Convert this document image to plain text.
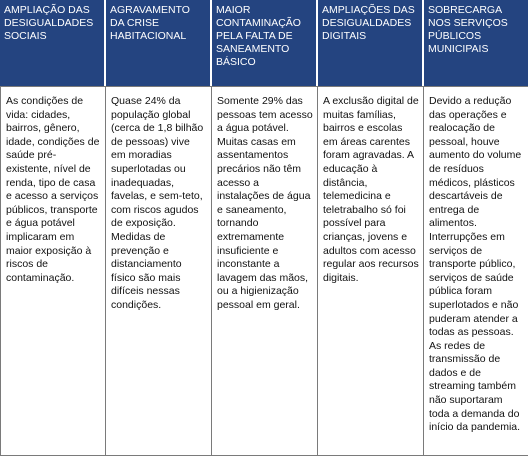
AMPLIAÇÃO DAS DESIGUALDADES SOCIAIS
AGRAVAMENTO DA CRISE HABITACIONAL
MAIOR CONTAMINAÇÃO PELA FALTA DE SANEAMENTO BÁSICO
AMPLIAÇÕES DAS DESIGUALDADES DIGITAIS
SOBRECARGA NOS SERVIÇOS PÚBLICOS MUNICIPAIS
As condições de vida: cidades, bairros, gênero, idade, condições de saúde pré-existente, nível de renda, tipo de casa e acesso a serviços públicos, transporte e água potável implicaram em maior exposição à riscos de contaminação.
Quase 24% da população global (cerca de 1,8 bilhão de pessoas) vive em moradias superlotadas ou inadequadas, favelas, e sem-teto, com riscos agudos de exposição. Medidas de prevenção e distanciamento físico são mais difíceis nessas condições.
Somente 29% das pessoas tem acesso a água potável. Muitas casas em assentamentos precários não têm acesso a instalações de água e saneamento, tornando extremamente insuficiente e inconstante a lavagem das mãos, ou a higienização pessoal em geral.
A exclusão digital de muitas famílias, bairros e escolas em áreas carentes foram agravadas. A educação à distância, telemedicina e teletrabalho só foi possível para crianças, jovens e adultos com acesso regular aos recursos digitais.
Devido a redução das operações e realocação de pessoal, houve aumento do volume de resíduos médicos, plásticos descartáveis de entrega de alimentos. Interrupções em serviços de transporte público, serviços de saúde pública foram superlotados e não puderam atender a todas as pessoas. As redes de transmissão de dados e de streaming também não suportaram toda a demanda do início da pandemia.
